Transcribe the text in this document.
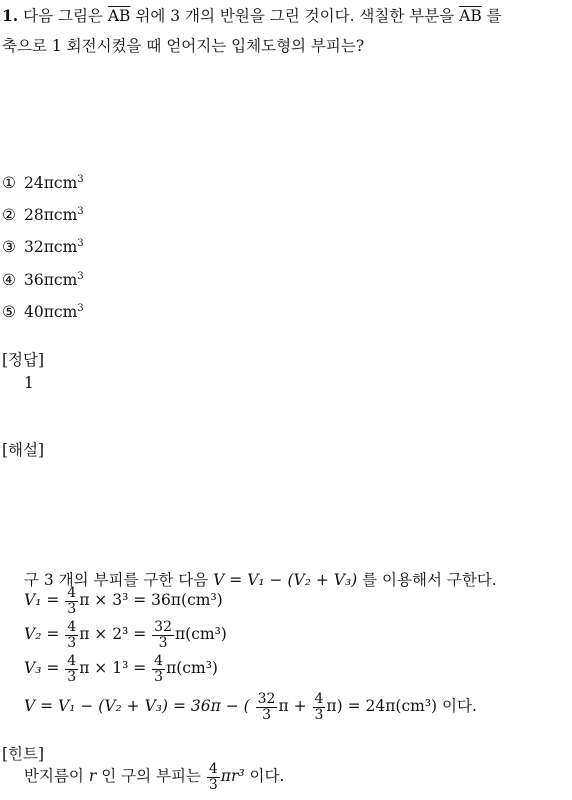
1. 다음 그림은 $\overline{AB}$ 위에 3 개의 반원을 그린 것이다. 색칠한 부분을 $\overline{AB}$ 를
축으로 1 회전시켰을 때 얻어지는 입체도형의 부피는?
① 24πcm$^3$
② 28πcm$^3$
③ 32πcm$^3$
④ 36πcm$^3$
⑤ 40πcm$^3$
[정답]
1
[해설]
구 3 개의 부피를 구한 다음 V = V₁ − (V₂ + V₃) 를 이용해서 구한다.
$V_1 = \frac{4}{3}$ π × 3³ = 36π(cm³)
$V_2 = \frac{4}{3}$ $\pi \times 2^3 = \frac{32}{3} \pi(cm^3)$
$V_3 = \frac{4}{3}$ $\pi \times 1^3 = \frac{4}{3} \pi(cm^3)$
V = V₁ − (V₂ + V₃) = 36π − ( $\frac{32}{3}$ $\pi + \frac{4}{3} \pi) = 24\pi(cm^3)$ 이다.
[힌트]
반지름이 r 인 구의 부피는 $\frac{4}{3} \pi r^3$ 이다.
